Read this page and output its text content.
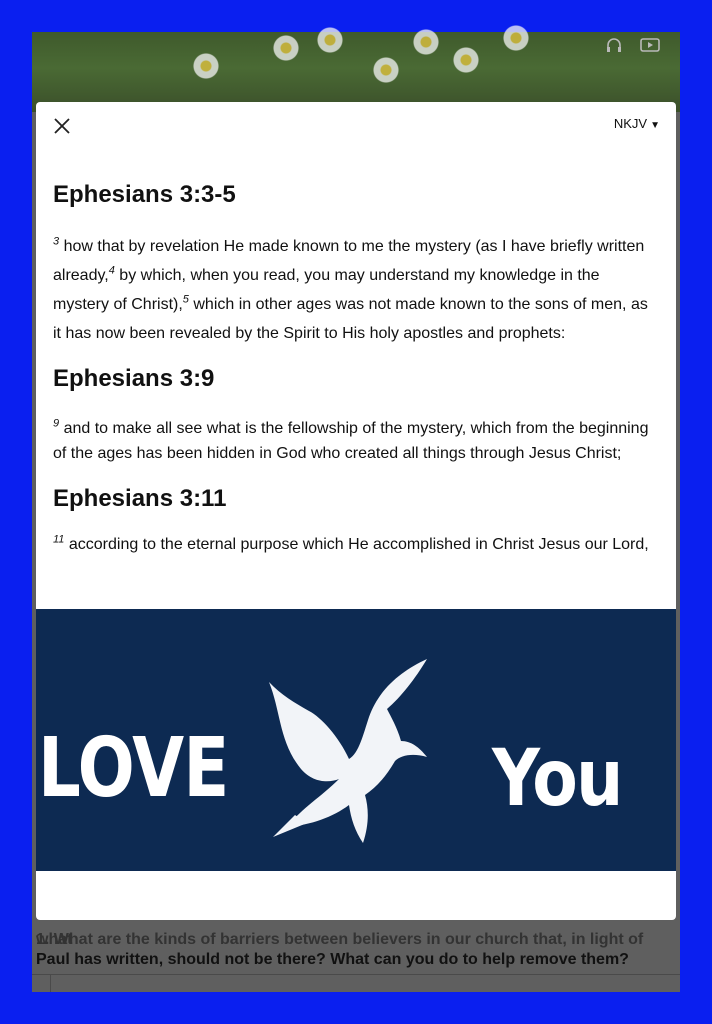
1. What are the kinds of barriers between believers in our church that, in light of what
Paul has written, should not be there? What can you do to help remove them?
NKJV ▼
Ephesians 3:3-5

$^3$ how that by revelation He made known to me the mystery (as I have briefly written already,$^4$ by which, when you read, you may understand my knowledge in the mystery of Christ),$^5$ which in other ages was not made known to the sons of men, as it has now been revealed by the Spirit to His holy apostles and prophets:

Ephesians 3:9

$^9$ and to make all see what is the fellowship of the mystery, which from the beginning of the ages has been hidden in God who created all things through Jesus Christ;

Ephesians 3:11

$^{11}$ according to the eternal purpose which He accomplished in Christ Jesus our Lord,

LOVE	You
